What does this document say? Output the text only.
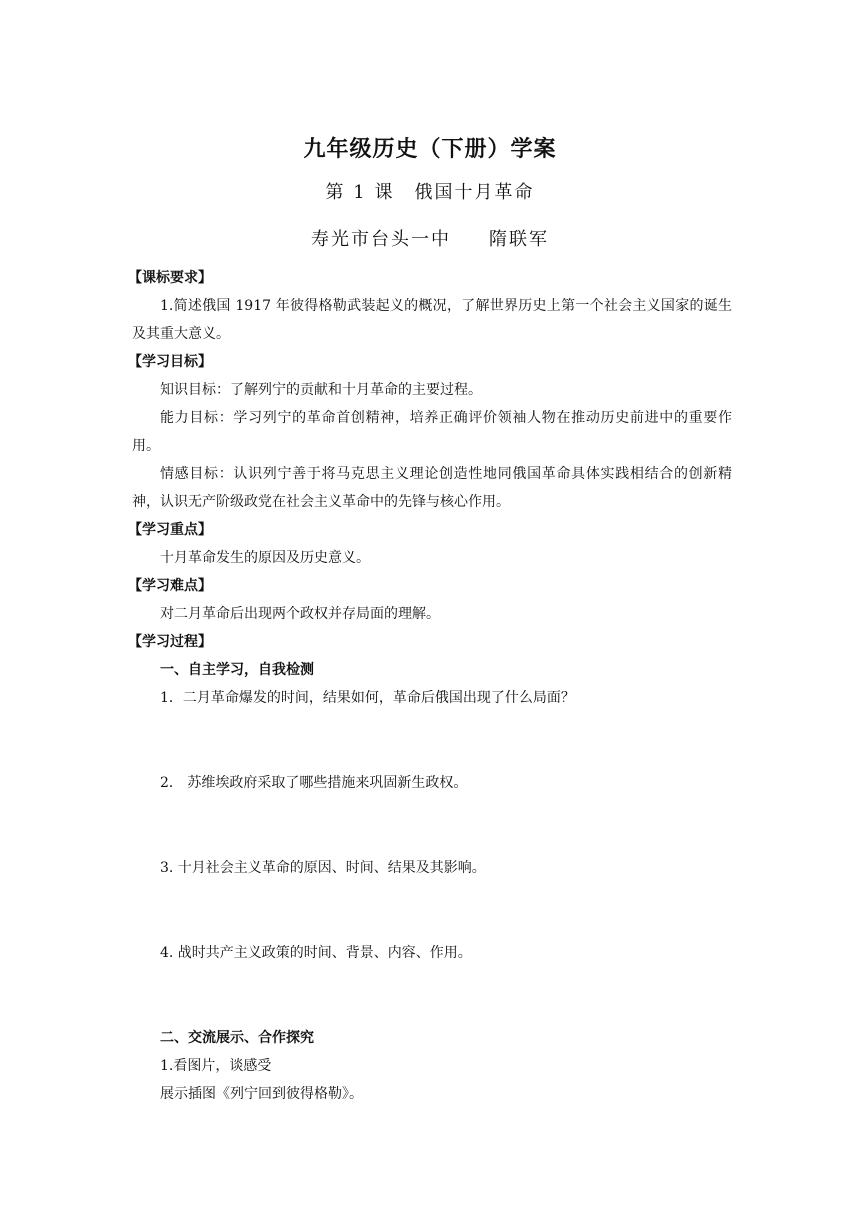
九年级历史（下册）学案
第 1 课　俄国十月革命
寿光市台头一中 隋联军
【课标要求】
1.简述俄国 1917 年彼得格勒武装起义的概况，了解世界历史上第一个社会主义国家的诞生及其重大意义。
【学习目标】
知识目标：了解列宁的贡献和十月革命的主要过程。
能力目标：学习列宁的革命首创精神，培养正确评价领袖人物在推动历史前进中的重要作用。
情感目标：认识列宁善于将马克思主义理论创造性地同俄国革命具体实践相结合的创新精神，认识无产阶级政党在社会主义革命中的先锋与核心作用。
【学习重点】
十月革命发生的原因及历史意义。
【学习难点】
对二月革命后出现两个政权并存局面的理解。
【学习过程】
一、自主学习，自我检测
1．二月革命爆发的时间，结果如何，革命后俄国出现了什么局面？
2． 苏维埃政府采取了哪些措施来巩固新生政权。
3. 十月社会主义革命的原因、时间、结果及其影响。
4. 战时共产主义政策的时间、背景、内容、作用。
二、交流展示、合作探究
1.看图片，谈感受
展示插图《列宁回到彼得格勒》。
